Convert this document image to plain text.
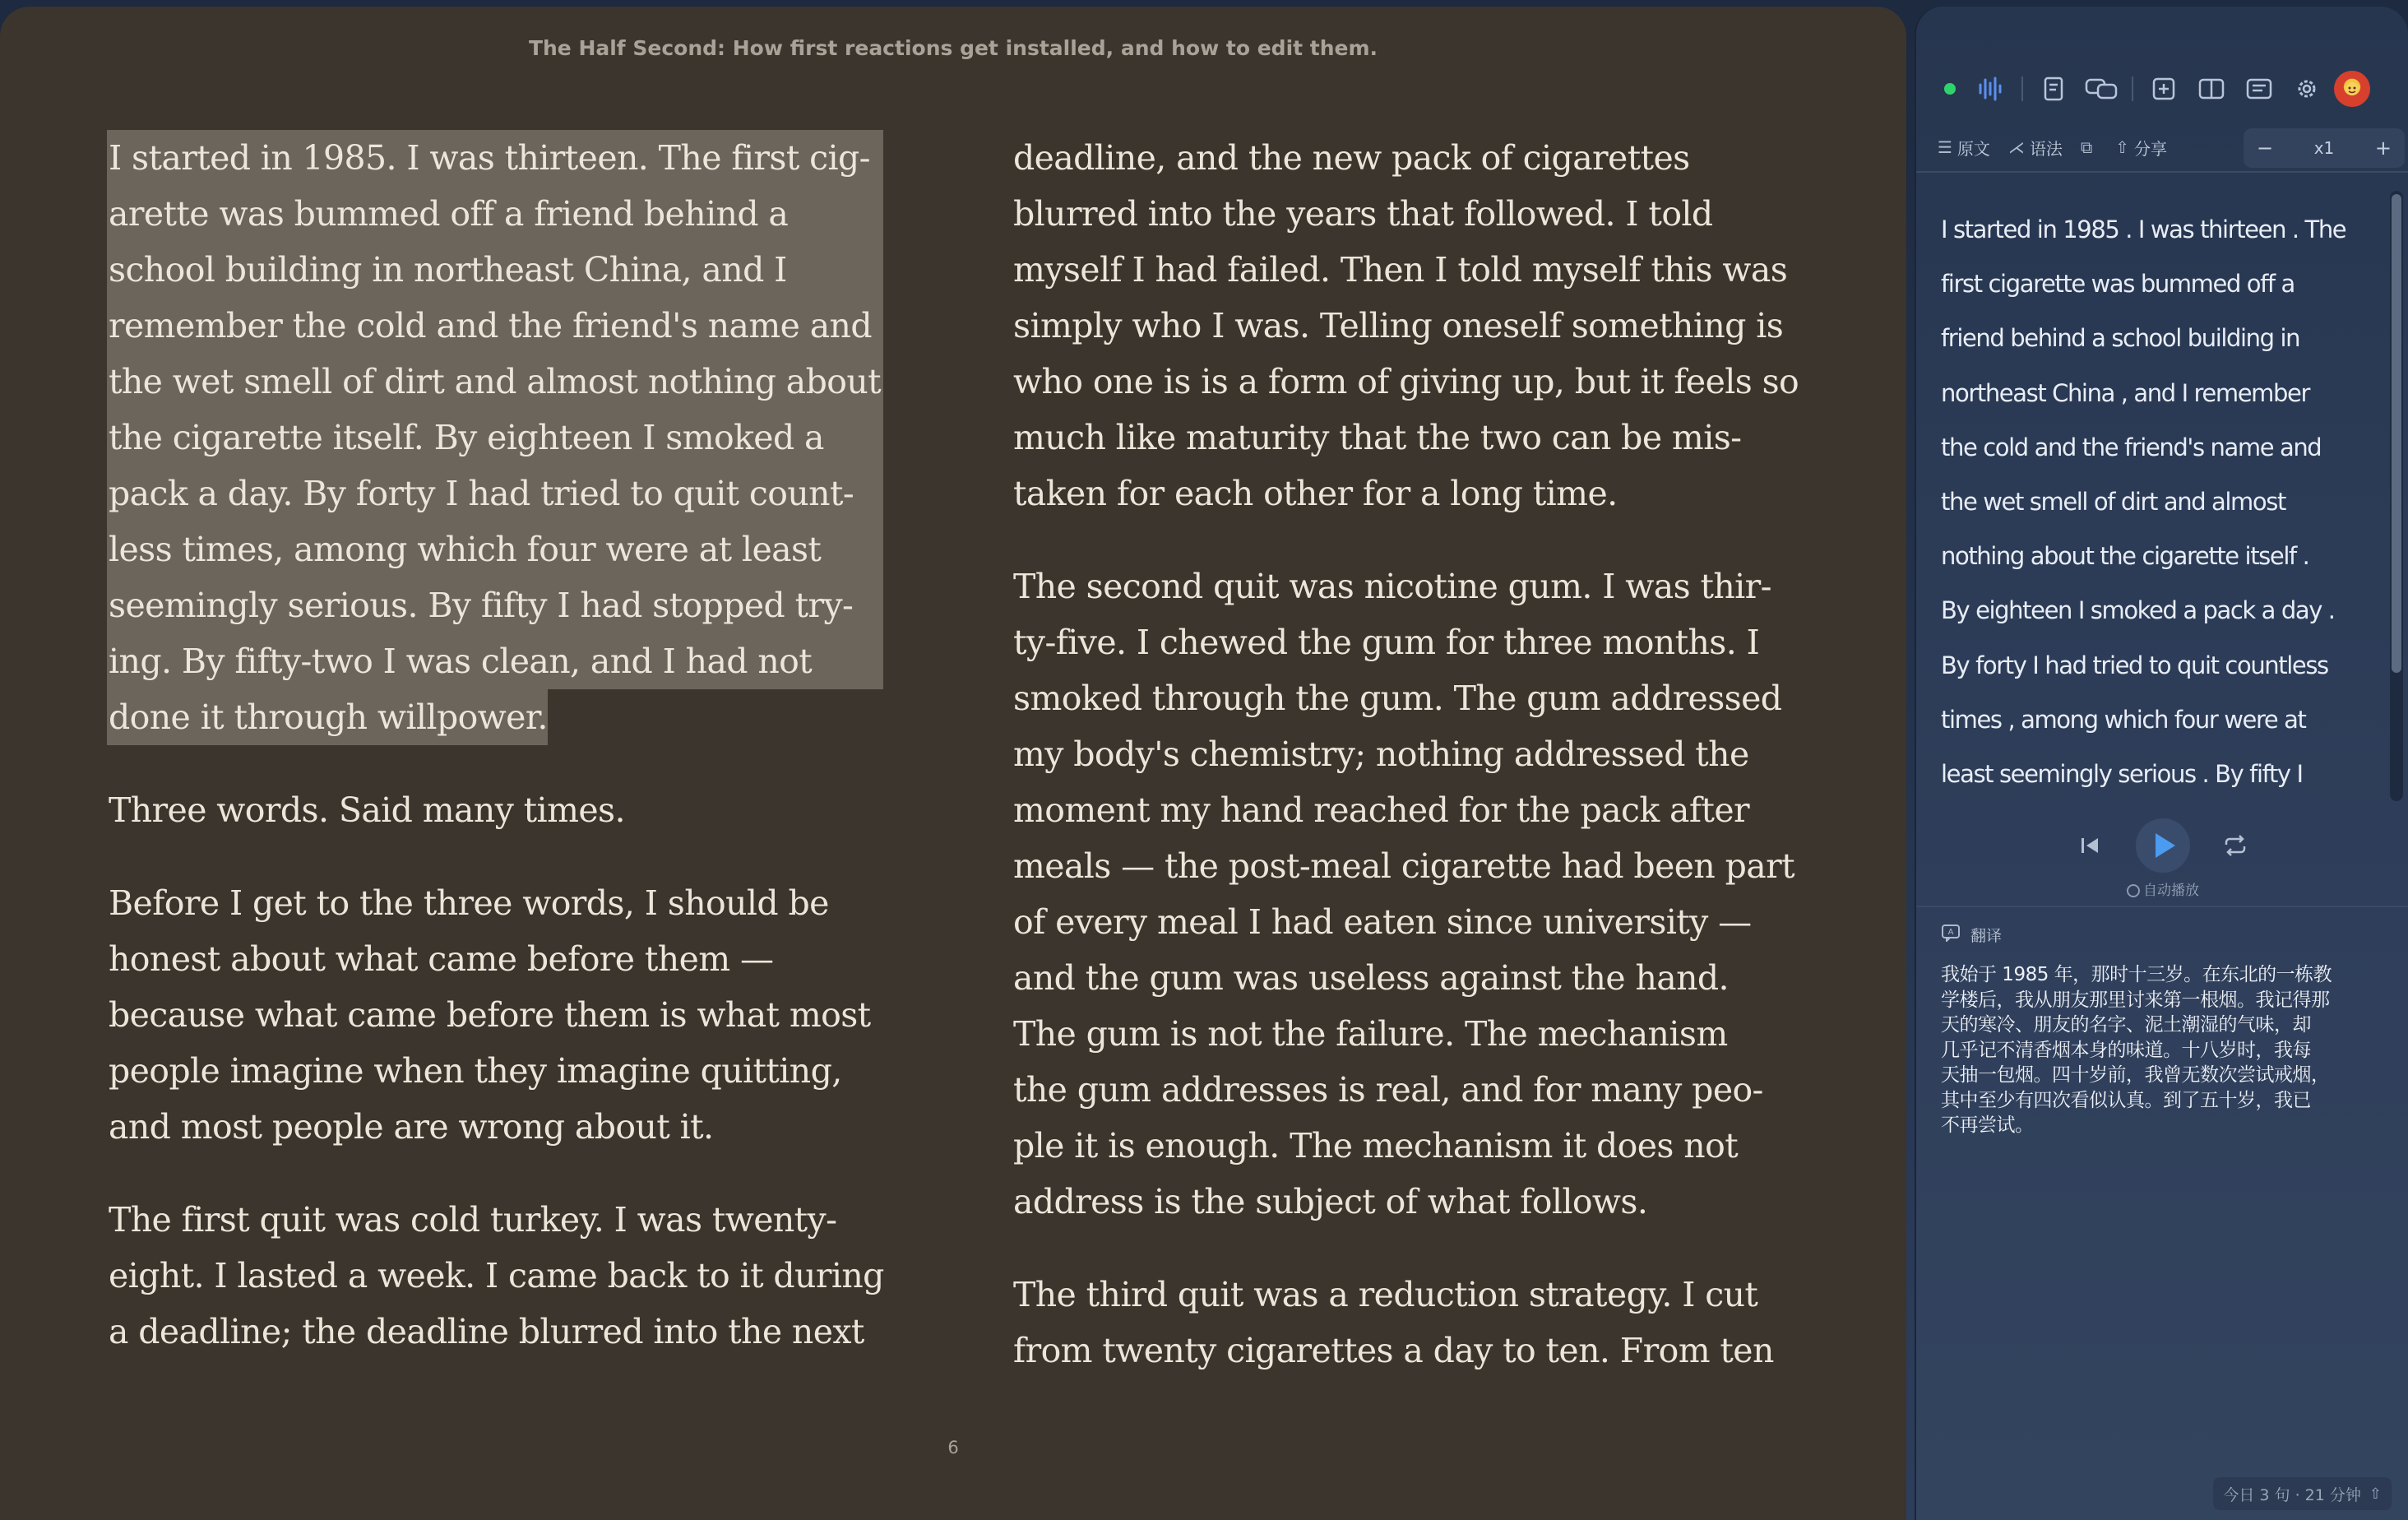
The Half Second: How first reactions get installed, and how to edit them.
I started in 1985. I was thirteen. The first cig-
arette was bummed off a friend behind a
school building in northeast China, and I
remember the cold and the friend's name and
the wet smell of dirt and almost nothing about
the cigarette itself. By eighteen I smoked a
pack a day. By forty I had tried to quit count-
less times, among which four were at least
seemingly serious. By fifty I had stopped try-
ing. By fifty-two I was clean, and I had not
done it through willpower.
Three words. Said many times.
Before I get to the three words, I should be
honest about what came before them —
because what came before them is what most
people imagine when they imagine quitting,
and most people are wrong about it.
The first quit was cold turkey. I was twenty-
eight. I lasted a week. I came back to it during
a deadline; the deadline blurred into the next
deadline, and the new pack of cigarettes
blurred into the years that followed. I told
myself I had failed. Then I told myself this was
simply who I was. Telling oneself something is
who one is is a form of giving up, but it feels so
much like maturity that the two can be mis-
taken for each other for a long time.
The second quit was nicotine gum. I was thir-
ty-five. I chewed the gum for three months. I
smoked through the gum. The gum addressed
my body's chemistry; nothing addressed the
moment my hand reached for the pack after
meals — the post-meal cigarette had been part
of every meal I had eaten since university —
and the gum was useless against the hand.
The gum is not the failure. The mechanism
the gum addresses is real, and for many peo-
ple it is enough. The mechanism it does not
address is the subject of what follows.
The third quit was a reduction strategy. I cut
from twenty cigarettes a day to ten. From ten
6
☰ 原文 ⋌ 语法 ⧉ ⇧ 分享	− x1 +
I started in 1985 . I was thirteen . The
first cigarette was bummed off a
friend behind a school building in
northeast China , and I remember
the cold and the friend's name and
the wet smell of dirt and almost
nothing about the cigarette itself .
By eighteen I smoked a pack a day .
By forty I had tried to quit countless
times , among which four were at
least seemingly serious . By fifty I
自动播放
A 翻译
我始于 1985 年，那时十三岁。在东北的一栋教
学楼后，我从朋友那里讨来第一根烟。我记得那
天的寒冷、朋友的名字、泥土潮湿的气味，却
几乎记不清香烟本身的味道。十八岁时，我每
天抽一包烟。四十岁前，我曾无数次尝试戒烟，
其中至少有四次看似认真。到了五十岁，我已
不再尝试。
今日 3 句 · 21 分钟 ⇧
